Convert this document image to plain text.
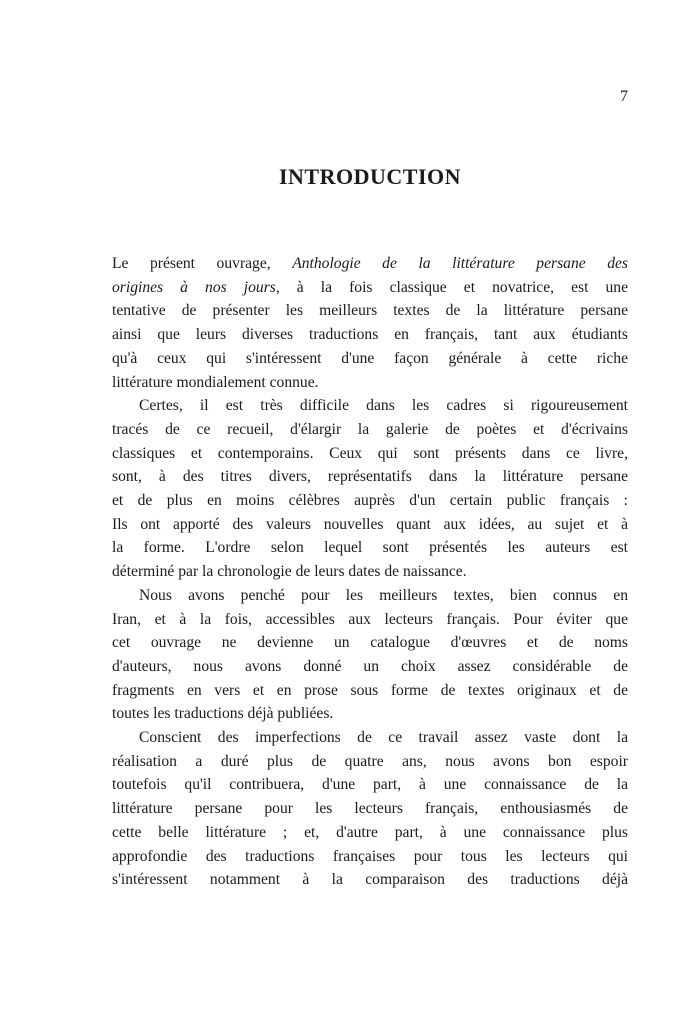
7
INTRODUCTION
Le présent ouvrage, Anthologie de la littérature persane des
origines à nos jours, à la fois classique et novatrice, est une
tentative de présenter les meilleurs textes de la littérature persane
ainsi que leurs diverses traductions en français, tant aux étudiants
qu'à ceux qui s'intéressent d'une façon générale à cette riche
littérature mondialement connue.
Certes, il est très difficile dans les cadres si rigoureusement
tracés de ce recueil, d'élargir la galerie de poètes et d'écrivains
classiques et contemporains. Ceux qui sont présents dans ce livre,
sont, à des titres divers, représentatifs dans la littérature persane
et de plus en moins célèbres auprès d'un certain public français :
Ils ont apporté des valeurs nouvelles quant aux idées, au sujet et à
la forme. L'ordre selon lequel sont présentés les auteurs est
déterminé par la chronologie de leurs dates de naissance.
Nous avons penché pour les meilleurs textes, bien connus en
Iran, et à la fois, accessibles aux lecteurs français. Pour éviter que
cet ouvrage ne devienne un catalogue d'œuvres et de noms
d'auteurs, nous avons donné un choix assez considérable de
fragments en vers et en prose sous forme de textes originaux et de
toutes les traductions déjà publiées.
Conscient des imperfections de ce travail assez vaste dont la
réalisation a duré plus de quatre ans, nous avons bon espoir
toutefois qu'il contribuera, d'une part, à une connaissance de la
littérature persane pour les lecteurs français, enthousiasmés de
cette belle littérature ; et, d'autre part, à une connaissance plus
approfondie des traductions françaises pour tous les lecteurs qui
s'intéressent notamment à la comparaison des traductions déjà
